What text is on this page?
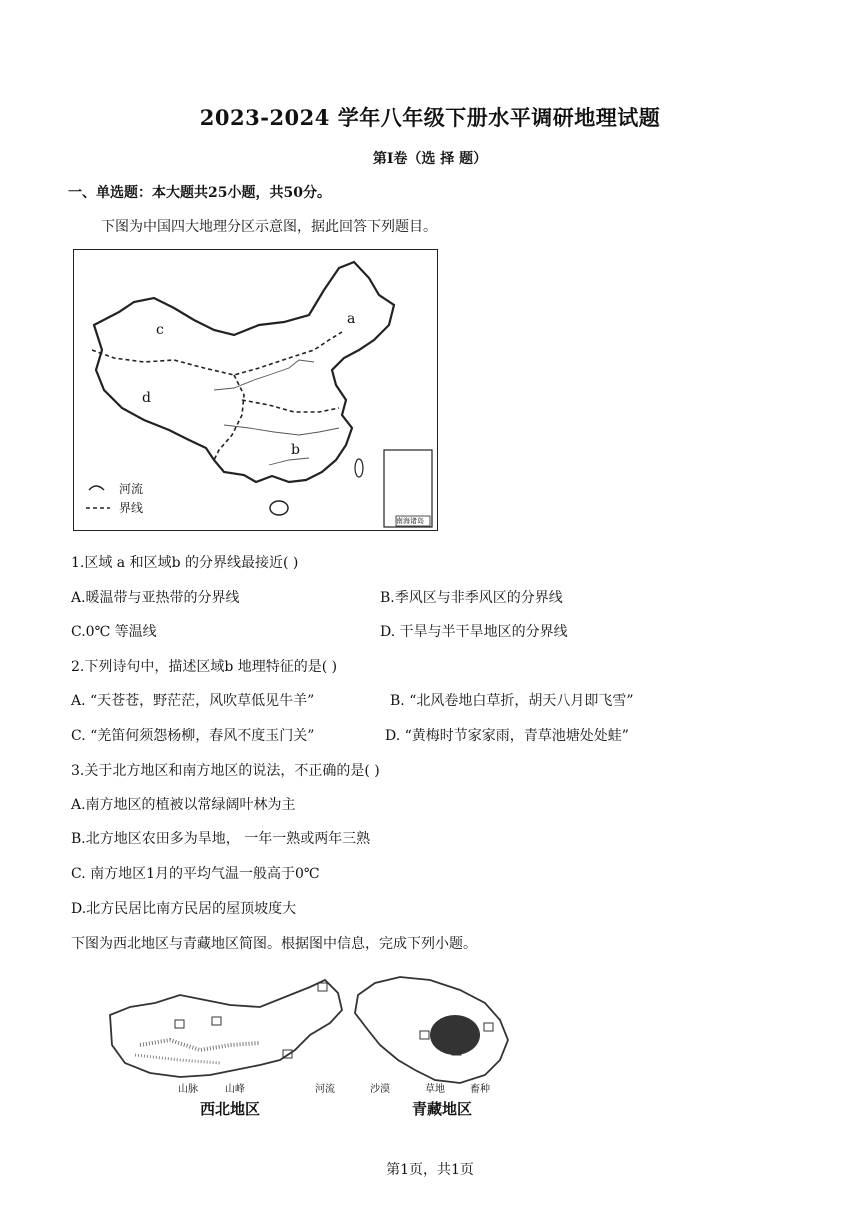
2023-2024 学年八年级下册水平调研地理试题
第Ⅰ卷（选 择 题）
一、单选题：本大题共25小题，共50分。
下图为中国四大地理分区示意图，据此回答下列题目。
a
b
c
d
河流
界线
南海诸岛
1.区域 a 和区域b 的分界线最接近( )
A.暖温带与亚热带的分界线	B.季风区与非季风区的分界线
C.0℃ 等温线	D. 干旱与半干旱地区的分界线
2.下列诗句中，描述区域b 地理特征的是( )
A. “天苍苍，野茫茫，风吹草低见牛羊”	B. “北风卷地白草折，胡天八月即飞雪”
C. “羌笛何须怨杨柳，春风不度玉门关”	D. “黄梅时节家家雨，青草池塘处处蛙”
3.关于北方地区和南方地区的说法，不正确的是( )
A.南方地区的植被以常绿阔叶林为主
B.北方地区农田多为旱地， 一年一熟或两年三熟
C. 南方地区1月的平均气温一般高于0℃
D.北方民居比南方民居的屋顶坡度大
下图为西北地区与青藏地区简图。根据图中信息，完成下列小题。
山脉	山峰	河流	沙漠	草地	畜种
西北地区	青藏地区
第1页，共1页
